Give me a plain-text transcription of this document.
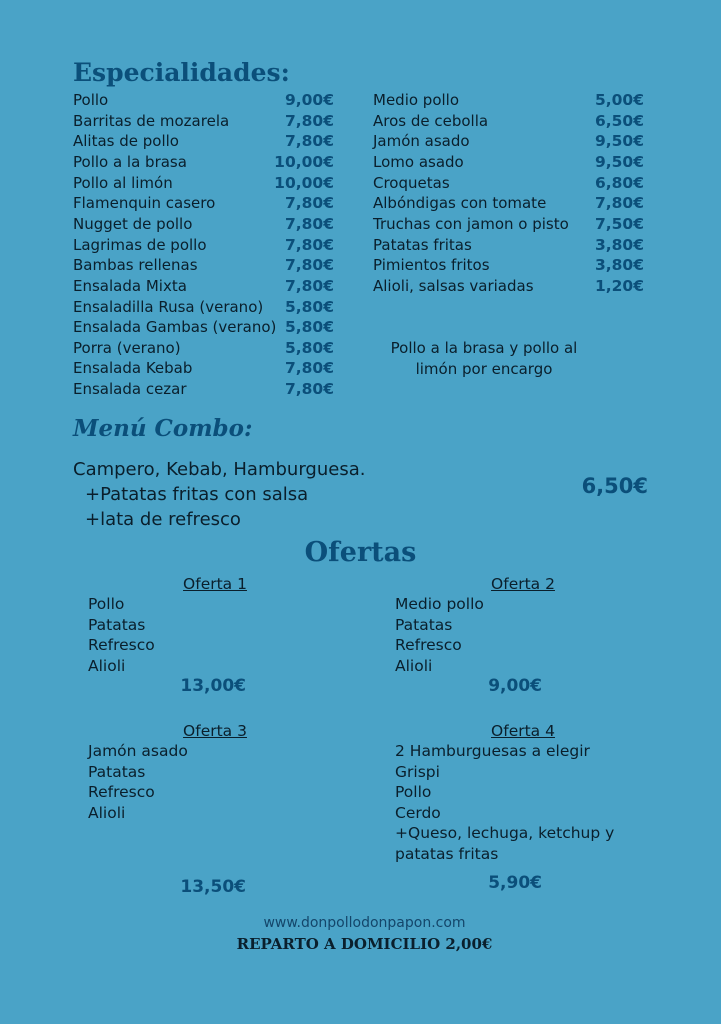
Especialidades:
Pollo	9,00€
Barritas de mozarela	7,80€
Alitas de pollo	7,80€
Pollo a la brasa	10,00€
Pollo al limón	10,00€
Flamenquin casero	7,80€
Nugget de pollo	7,80€
Lagrimas de pollo	7,80€
Bambas rellenas	7,80€
Ensalada Mixta	7,80€
Ensaladilla Rusa (verano)	5,80€
Ensalada Gambas (verano) 5,80€
Porra (verano)	5,80€
Ensalada Kebab	7,80€
Ensalada cezar	7,80€
Medio pollo	5,00€
Aros de cebolla	6,50€
Jamón asado	9,50€
Lomo asado	9,50€
Croquetas	6,80€
Albóndigas con tomate	7,80€
Truchas con jamon o pisto	7,50€
Patatas fritas	3,80€
Pimientos fritos	3,80€
Alioli, salsas variadas	1,20€
Pollo a la brasa y pollo al
limón por encargo
Menú Combo:
Campero, Kebab, Hamburguesa.
+Patatas fritas con salsa
+lata de refresco
6,50€
Ofertas
Oferta 1
Pollo
Patatas
Refresco
Alioli
13,00€
Oferta 2
Medio pollo
Patatas
Refresco
Alioli
9,00€
Oferta 3
Jamón asado
Patatas
Refresco
Alioli
13,50€
Oferta 4
2 Hamburguesas a elegir
Grispi
Pollo
Cerdo
+Queso, lechuga, ketchup y
patatas fritas
5,90€
www.donpollodonpapon.com
REPARTO A DOMICILIO 2,00€
